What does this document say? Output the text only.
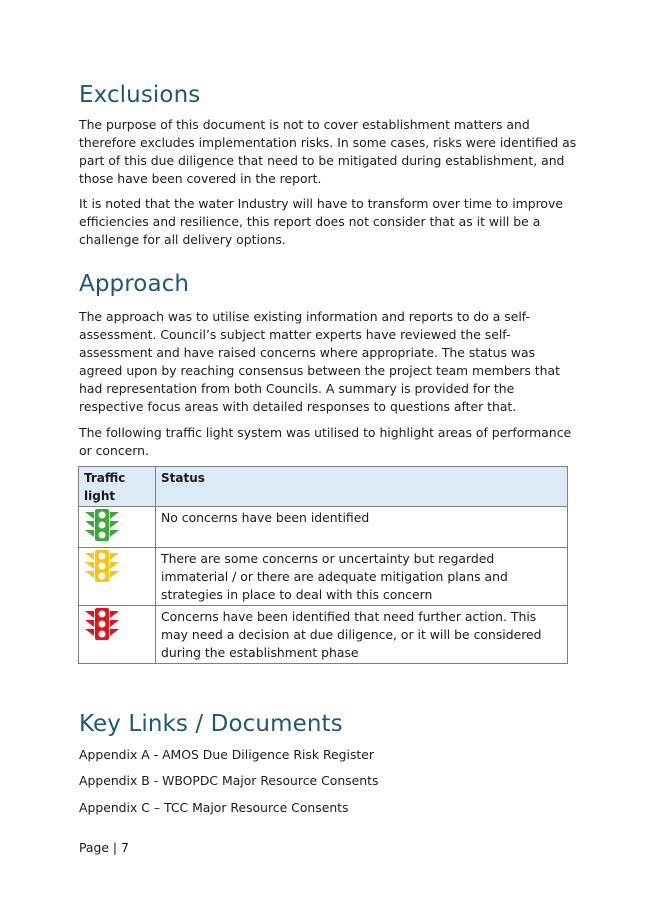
Exclusions

The purpose of this document is not to cover establishment matters and therefore excludes implementation risks. In some cases, risks were identified as part of this due diligence that need to be mitigated during establishment, and those have been covered in the report.

It is noted that the water Industry will have to transform over time to improve efficiencies and resilience, this report does not consider that as it will be a challenge for all delivery options.

Approach

The approach was to utilise existing information and reports to do a self-assessment. Council’s subject matter experts have reviewed the self-assessment and have raised concerns where appropriate. The status was agreed upon by reaching consensus between the project team members that had representation from both Councils. A summary is provided for the respective focus areas with detailed responses to questions after that.

The following traffic light system was utilised to highlight areas of performance or concern.

Traffic light	Status
	No concerns have been identified
	There are some concerns or uncertainty but regarded immaterial / or there are adequate mitigation plans and strategies in place to deal with this concern
	Concerns have been identified that need further action. This may need a decision at due diligence, or it will be considered during the establishment phase
Key Links / Documents
Appendix A - AMOS Due Diligence Risk Register
Appendix B - WBOPDC Major Resource Consents
Appendix C – TCC Major Resource Consents
Page | 7
